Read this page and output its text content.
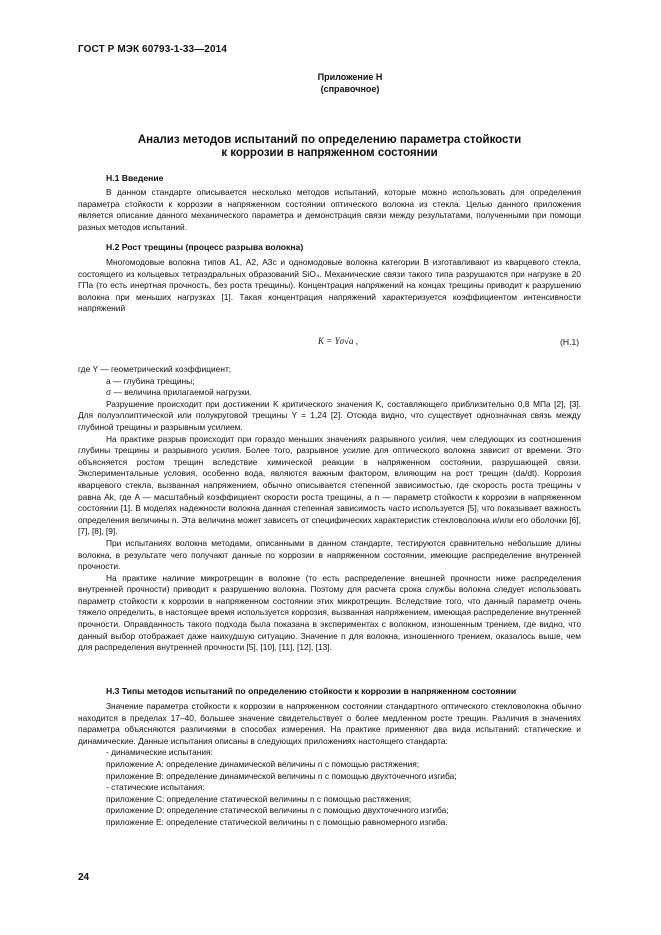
ГОСТ Р МЭК 60793-1-33—2014
Приложение Н
(справочное)
Анализ методов испытаний по определению параметра стойкости
к коррозии в напряженном состоянии
Н.1 Введение

В данном стандарте описывается несколько методов испытаний, которые можно использовать для определения параметра стойкости к коррозии в напряженном состоянии оптического волокна из стекла. Целью данного приложения является описание данного механического параметра и демонстрация связи между результатами, полученными при помощи разных методов испытаний.

Н.2 Рост трещины (процесс разрыва волокна)

Многомодовые волокна типов А1, А2, А3с и одномодовые волокна категории В изготавливают из кварцевого стекла, состоящего из кольцевых тетраэдральных образований SiO₄. Механические связи такого типа разрушаются при нагрузке в 20 ГПа (то есть инертная прочность, без роста трещины). Концентрация напряжений на концах трещины приводит к разрушению волокна при меньших нагрузках [1]. Такая концентрация напряжений характеризуется коэффициентом интенсивности напряжений

K = Yσ√a ,	(Н.1)

где Y — геометрический коэффициент;

a — глубина трещины;

σ — величина прилагаемой нагрузки.

Разрушение происходит при достижении K критического значения K, составляющего приблизительно 0,8 МПа [2], [3]. Для полуэллиптической или полукруговой трещины Y = 1,24 [2]. Отсюда видно, что существует однозначная связь между глубиной трещины и разрывным усилием.

На практике разрыв происходит при гораздо меньших значениях разрывного усилия, чем следующих из соотношения глубины трещины и разрывного усилия. Более того, разрывное усилие для оптического волокна зависит от времени. Это объясняется ростом трещин вследствие химической реакции в напряженном состоянии, разрушающей связи. Экспериментальные условия, особенно вода, являются важным фактором, влияющим на рост трещин (da/dt). Коррозия кварцевого стекла, вызванная напряжением, обычно описывается степенной зависимостью, где скорость роста трещины v равна Ak, где A — масштабный коэффициент скорости роста трещины, a n — параметр стойкости к коррозии в напряженном состоянии [1]. В моделях надежности волокна данная степенная зависимость часто используется [5], что показывает важность определения величины n. Эта величина может зависеть от специфических характеристик стекловолокна и/или его оболочки [6], [7], [8], [9].

При испытаниях волокна методами, описанными в данном стандарте, тестируются сравнительно небольшие длины волокна, в результате чего получают данные по коррозии в напряженном состоянии, имеющие распределение внутренней прочности.

На практике наличие микротрещин в волокне (то есть распределение внешней прочности ниже распределения внутренней прочности) приводит к разрушению волокна. Поэтому для расчета срока службы волокна следует использовать параметр стойкости к коррозии в напряженном состоянии этих микротрещин. Вследствие того, что данный параметр очень тяжело определить, в настоящее время используется коррозия, вызванная напряжением, имеющая распределение внутренней прочности. Оправданность такого подхода была показана в экспериментах с волокном, изношенным трением, где видно, что данный выбор отображает даже наихудшую ситуацию. Значение n для волокна, изношенного трением, оказалось выше, чем для распределения внутренней прочности [5], [10], [11], [12], [13].

Н.3 Типы методов испытаний по определению стойкости к коррозии в напряженном состоянии

Значение параметра стойкости к коррозии в напряженном состоянии стандартного оптического стекловолокна обычно находится в пределах 17–40, большее значение свидетельствует о более медленном росте трещин. Различия в значениях параметра объясняются различиями в способах измерения. На практике применяют два вида испытаний: статические и динамические. Данные испытания описаны в следующих приложениях настоящего стандарта:

- динамические испытания:

приложение А: определение динамической величины n с помощью растяжения;

приложение В: определение динамической величины n с помощью двухточечного изгиба;

- статические испытания:

приложение С: определение статической величины n с помощью растяжения;

приложение D: определение статической величины n с помощью двухточечного изгиба;

приложение Е: определение статической величины n с помощью равномерного изгиба.

24
